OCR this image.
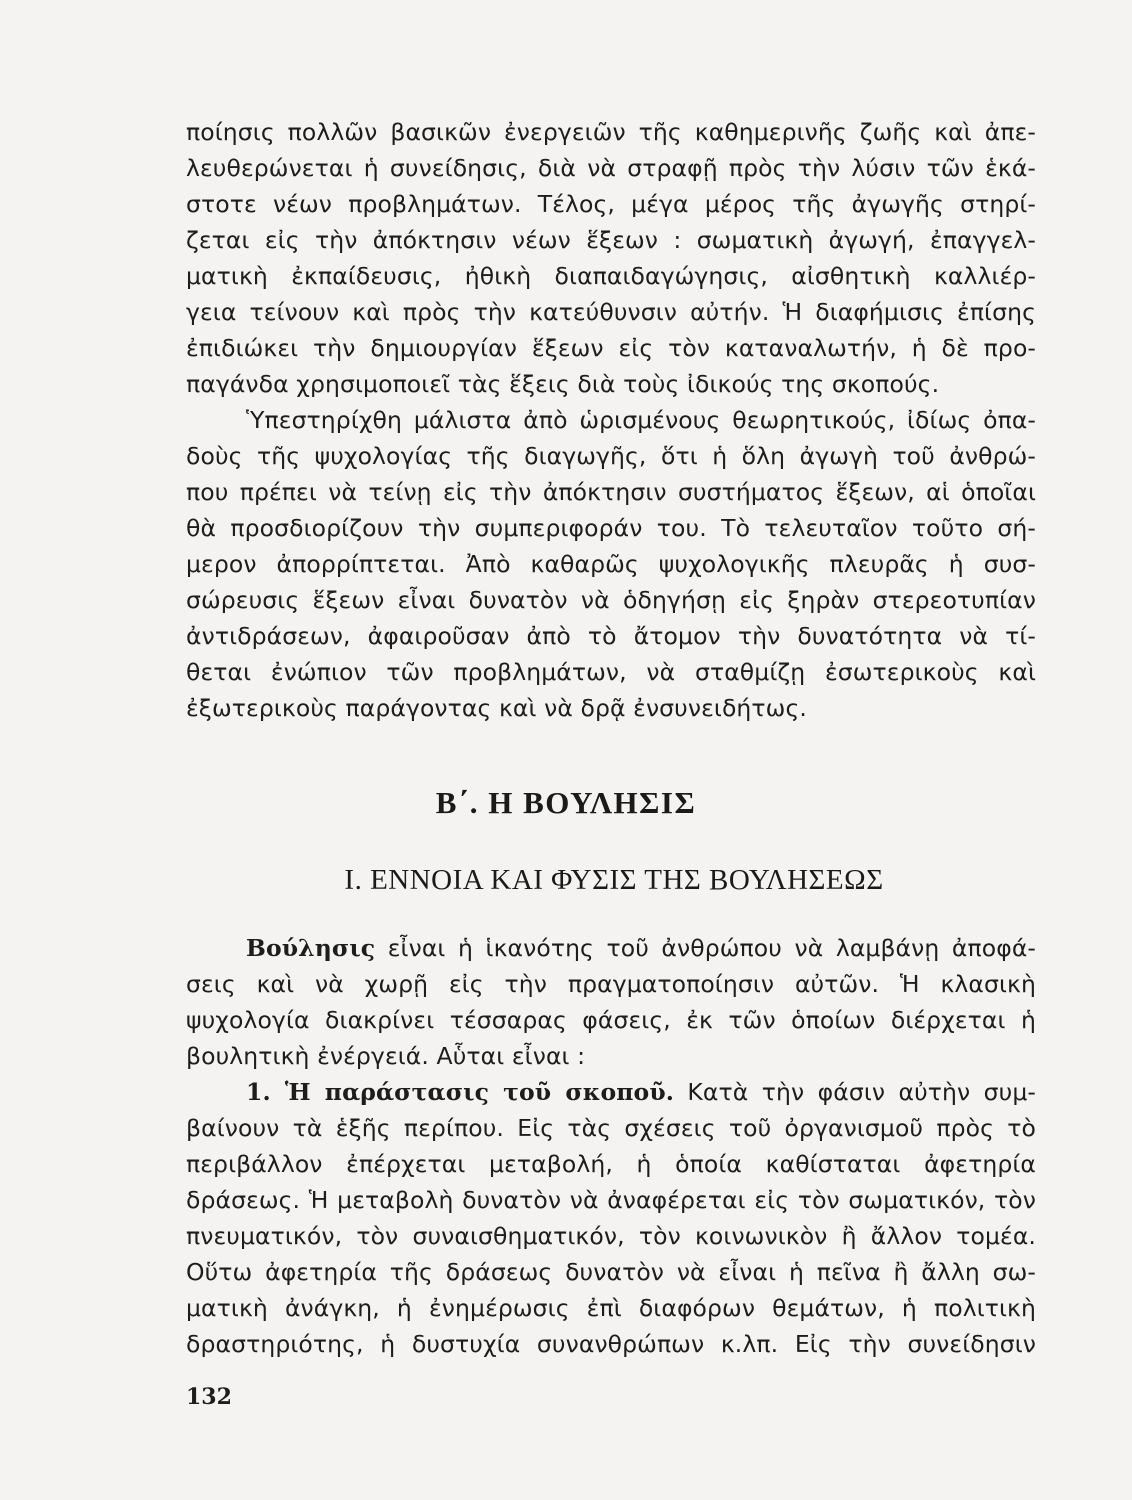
ποίησις πολλῶν βασικῶν ἐνεργειῶν τῆς καθημερινῆς ζωῆς καὶ ἀπε-
λευθερώνεται ἡ συνείδησις, διὰ νὰ στραφῇ πρὸς τὴν λύσιν τῶν ἑκά-
στοτε νέων προβλημάτων. Τέλος, μέγα μέρος τῆς ἀγωγῆς στηρί-
ζεται εἰς τὴν ἀπόκτησιν νέων ἕξεων : σωματικὴ ἀγωγή, ἐπαγγελ-
ματικὴ ἐκπαίδευσις, ἠθικὴ διαπαιδαγώγησις, αἰσθητικὴ καλλιέρ-
γεια τείνουν καὶ πρὸς τὴν κατεύθυνσιν αὐτήν. Ἡ διαφήμισις ἐπίσης
ἐπιδιώκει τὴν δημιουργίαν ἕξεων εἰς τὸν καταναλωτήν, ἡ δὲ προ-
παγάνδα χρησιμοποιεῖ τὰς ἕξεις διὰ τοὺς ἰδικούς της σκοπούς.
Ὑπεστηρίχθη μάλιστα ἀπὸ ὡρισμένους θεωρητικούς, ἰδίως ὀπα-
δοὺς τῆς ψυχολογίας τῆς διαγωγῆς, ὅτι ἡ ὅλη ἀγωγὴ τοῦ ἀνθρώ-
που πρέπει νὰ τείνῃ εἰς τὴν ἀπόκτησιν συστήματος ἕξεων, αἱ ὁποῖαι
θὰ προσδιορίζουν τὴν συμπεριφοράν του. Τὸ τελευταῖον τοῦτο σή-
μερον ἀπορρίπτεται. Ἀπὸ καθαρῶς ψυχολογικῆς πλευρᾶς ἡ συσ-
σώρευσις ἕξεων εἶναι δυνατὸν νὰ ὁδηγήσῃ εἰς ξηρὰν στερεοτυπίαν
ἀντιδράσεων, ἀφαιροῦσαν ἀπὸ τὸ ἄτομον τὴν δυνατότητα νὰ τί-
θεται ἐνώπιον τῶν προβλημάτων, νὰ σταθμίζῃ ἐσωτερικοὺς καὶ
ἐξωτερικοὺς παράγοντας καὶ νὰ δρᾷ ἐνσυνειδήτως.
Β΄. Η ΒΟΥΛΗΣΙΣ
Ι. ΕΝΝΟΙΑ ΚΑΙ ΦΥΣΙΣ ΤΗΣ ΒΟΥΛΗΣΕΩΣ
Βούλησις εἶναι ἡ ἱκανότης τοῦ ἀνθρώπου νὰ λαμβάνῃ ἀποφά-
σεις καὶ νὰ χωρῇ εἰς τὴν πραγματοποίησιν αὐτῶν. Ἡ κλασικὴ
ψυχολογία διακρίνει τέσσαρας φάσεις, ἐκ τῶν ὁποίων διέρχεται ἡ
βουλητικὴ ἐνέργειά. Αὗται εἶναι :
1. Ἡ παράστασις τοῦ σκοποῦ. Κατὰ τὴν φάσιν αὐτὴν συμ-
βαίνουν τὰ ἑξῆς περίπου. Εἰς τὰς σχέσεις τοῦ ὀργανισμοῦ πρὸς τὸ
περιβάλλον ἐπέρχεται μεταβολή, ἡ ὁποία καθίσταται ἀφετηρία
δράσεως. Ἡ μεταβολὴ δυνατὸν νὰ ἀναφέρεται εἰς τὸν σωματικόν, τὸν
πνευματικόν, τὸν συναισθηματικόν, τὸν κοινωνικὸν ἢ ἄλλον τομέα.
Οὕτω ἀφετηρία τῆς δράσεως δυνατὸν νὰ εἶναι ἡ πεῖνα ἢ ἄλλη σω-
ματικὴ ἀνάγκη, ἡ ἐνημέρωσις ἐπὶ διαφόρων θεμάτων, ἡ πολιτικὴ
δραστηριότης, ἡ δυστυχία συνανθρώπων κ.λπ. Εἰς τὴν συνείδησιν
132
